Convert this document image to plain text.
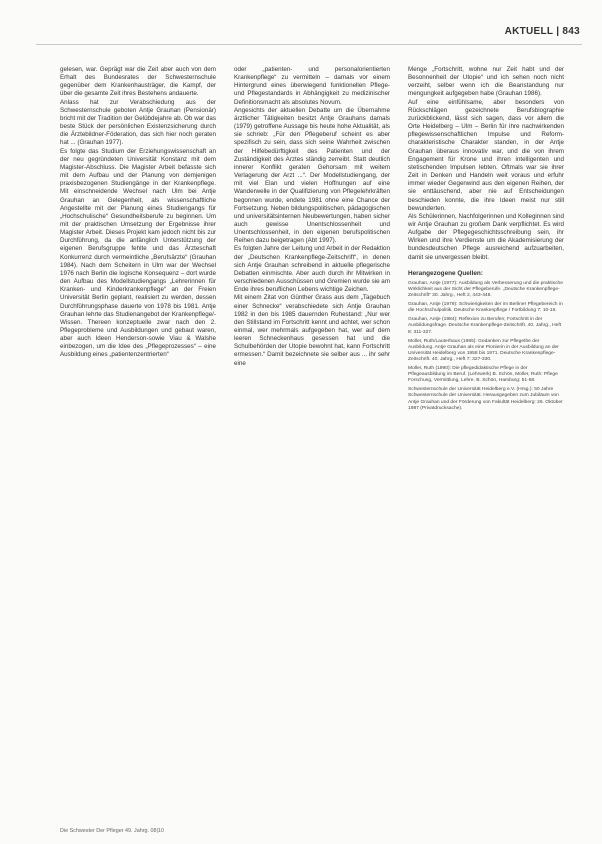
AKTUELL | 843

gelesen, war. Geprägt war die Zeit aber auch von dem Erhalt des Bundesrates der Schwesternschule gegenüber dem Krankenhausträger, die Kampf, der über die gesamte Zeit ihres Bestehens andauerte.

Anlass hat zur Verabschiedung aus der Schwesternschule geboten Antje Grauhan (Pensionär) bricht mit der Tradition der Gelübdejahre ab. Ob war das beste Stück der persönlichen Existenzsicherung durch die Ärztebildner-Föderation, das sich hier noch geraten hat ... (Grauhan 1977).

Es folgte das Studium der Erziehungswissenschaft an der neu gegründeten Universität Konstanz mit dem Magister-Abschluss. Die Magister Arbeit befasste sich mit dem Aufbau und der Planung von demjenigen praxisbezogenen Studiengänge in der Krankenpflege. Mit einschneidende Wechsel nach Ulm bei Antje Grauhan an Gelegenheit, als wissenschaftliche Angestellte mit der Planung eines Studiengangs für „Hochschulische“ Gesundheitsberufe zu beginnen. Um mit der praktischen Umsetzung der Ergebnisse ihrer Magister Arbeit. Dieses Projekt kam jedoch nicht bis zur Durchführung, da die anfänglich Unterstützung der eigenen Berufsgruppe fehlte und das Ärzteschaft Konkurrenz durch vermeintliche „Berufsärzte“ (Grauhan 1984). Nach dem Scheitern in Ulm war der Wechsel 1976 nach Berlin die logische Konsequenz – dort wurde den Aufbau des Modellstudiengangs „Lehrerinnen für Kranken- und Kinderkrankenpflege“ an der Freien Universität Berlin geplant, realisiert zu werden, dessen Durchführungsphase dauerte von 1978 bis 1981. Antje Grauhan lehrte das Studienangebot der Krankenpflege/-Wissen. Thereen konzeptuelle zwar nach den 2. Pflegeprobleme und Ausbildungen und gebaut waren, aber auch Ideen Henderson-sowie Viau & Walshe einbezogen, um die Idee des „Pflegeprozesses“ – eine Ausbildung eines „patientenzentrierten“

oder „patienten- und personalorientierten Krankenpflege“ zu vermitteln – damals vor einem Hintergrund eines überwiegend funktionellen Pflege- und Pflegestandards in Abhängigkeit zu medizinischer Definitionsmacht als absolutes Novum.

Angesichts der aktuellen Debatte um die Übernahme ärztlicher Tätigkeiten besitzt Antje Grauhans damals (1979) getroffene Aussage bis heute hohe Aktualität, als sie schrieb: „Für den Pflegeberuf scheint es aber spezifisch zu sein, dass sich seine Wahrheit zwischen der Hilfebedürftigkeit des Patienten und der Zuständigkeit des Arztes ständig zerreibt. Statt deutlich innerer Konflikt geraten Gehorsam mit weitem Verlagerung der Arzt ...“. Der Modellstudiengang, der mit viel Elan und vielen Hoffnungen auf eine Wanderwelle in der Qualifizierung von Pflegelehrkräften begonnen wurde, endete 1981 ohne eine Chance der Fortsetzung. Neben bildungspolitischen, pädagogischen und universitätsinternen Neubewertungen, haben sicher auch gewisse Unentschlossenheit und Unentschlossenheit, in den eigenen berufspolitischen Reihen dazu beigetragen (Abt 1997).

Es folgten Jahre der Leitung und Arbeit in der Redaktion der „Deutschen Krankenpflege-Zeitschrift“, in denen sich Antje Grauhan schreibend in aktuelle pflegerische Debatten einmischte. Aber auch durch ihr Mitwirken in verschiedenen Ausschüssen und Gremien wurde sie am Ende ihres beruflichen Lebens wichtige Zeichen.

Mit einem Zitat von Günther Grass aus dem „Tagebuch einer Schnecke“ verabschiedete sich Antje Grauhan 1982 in den bis 1985 dauernden Ruhestand: „Nur wer den Stillstand im Fortschritt kennt und achtet, wer schon einmal, wer mehrmals aufgegeben hat, wer auf dem leeren Schneckenhaus gesessen hat und die Schulbehörden der Utopie bewohnt hat, kann Fortschritt ermessen.“ Damit bezeichnete sie selber aus ... ihr sehr eine

Menge „Fortschritt, wohne nur Zeit habt und der Besonnenheit der Utopie“ und ich sehen noch nicht verzeiht, selber wenn ich die Beanstandung nur mengungkeit aufgegeben habe (Grauhan 1986).

Auf eine einfühlsame, aber besonders von Rückschlägen gezeichnete Berufsbiographie zurückblickend, lässt sich sagen, dass vor allem die Orte Heidelberg – Ulm – Berlin für ihre nachwirkenden pflegewissenschaftlichen Impulse und Reform-charakteristische Charakter standen, in der Antje Grauhan überaus innovativ war, und die von ihrem Engagement für Krone und ihren intelligenten und stetischenden Impulsen lebten. Oftmals war sie ihrer Zeit in Denken und Handeln weit voraus und erfuhr immer wieder Gegenwind aus den eigenen Reihen, der sie enttäuschend, aber nie auf Entscheidungen beschieden konnte, die ihre Ideen meist nur still bewunderten.

Als Schülerinnen, Nachfolgerinnen und Kolleginnen sind wir Antje Grauhan zu großem Dank verpflichtet. Es wird Aufgabe der Pflegegeschichtsschreibung sein, ihr Wirken und ihre Verdienste um die Akademisierung der bundesdeutschen Pflege ausreichend aufzuarbeiten, damit sie unvergessen bleibt.

Herangezogene Quellen:
Grauhan, Antje (1977): Ausbildung als Verbesserung und die praktische Wirklichkeit aus der Sicht der Pflegeberufe. „Deutsche Krankenpflege-Zeitschrift“ 30. Jahrg., Heft 2, 443-448.
Grauhan, Antje (1979): Schwierigkeiten der im Berliner Pflegebereich in die Hochschulpolitik. Deutsche Krankenpflege / Fortbildung 7: 10-16.
Grauhan, Antje (1984): Reflexion zu Berufen; Fortschritt in der Ausbildungsfrage. Deutsche Krankenpflege-Zeitschrift. 40. Jahrg., Heft 8: 311-327.
Moller, Ruth/Lauterhaus (1985): Gedanken zur Pflegethe der Ausbildung. Antje Grauhan als eine Pionierin in der Ausbildung an der Universität Heidelberg von 1958 bis 1971. Deutsche Krankenpflege-Zeitschrift. 40. Jahrg., Heft 7: 327-330.
Moller, Ruth (1990): Die pflegedidaktische Pflege in der Pflegeausbildung im Beruf. (Lehrwerk) B. Schön, Moller, Ruth: Pflege Forschung, Vermittlung, Lehre. B. Schön, Hamburg: 51-58.
Schwesternschule der Universität Heidelberg e.V. (Hrsg.): 50 Jahre Schwesternschule der Universität. Herausgegeben zum Jubiläum von Antje Grauhan und der Förderung von Fakultät Heidelberg: 26. Oktober 1987 (Privatdrucksache).
Die Schwester Der Pfleger 49. Jahrg. 08|10
